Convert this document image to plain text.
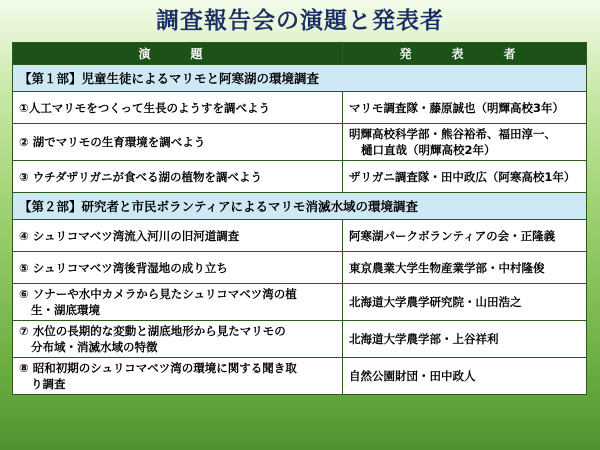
調査報告会の演題と発表者
演　題	発　表　者
【第１部】児童生徒によるマリモと阿寒湖の環境調査	
①人工マリモをつくって生長のようすを調べよう	マリモ調査隊・藤原誠也（明輝高校3年）
② 湖でマリモの生育環境を調べよう	明輝高校科学部・熊谷裕希、福田淳一、
樋口直哉（明輝高校2年）

③ ウチダザリガニが食べる湖の植物を調べよう	ザリガニ調査隊・田中政広（阿寒高校1年）
【第２部】研究者と市民ボランティアによるマリモ消滅水域の環境調査	
④ シュリコマベツ湾流入河川の旧河道調査	阿寒湖パークボランティアの会・正隆義
⑤ シュリコマベツ湾後背湿地の成り立ち	東京農業大学生物産業学部・中村隆俊

⑥ ソナーや水中カメラから見たシュリコマベツ湾の植
生・湖底環境	北海道大学農学研究院・山田浩之

⑦ 水位の長期的な変動と湖底地形から見たマリモの
分布域・消滅水域の特徴	北海道大学農学部・上谷祥利

⑧ 昭和初期のシュリコマベツ湾の環境に関する聞き取
り調査	自然公園財団・田中政人
